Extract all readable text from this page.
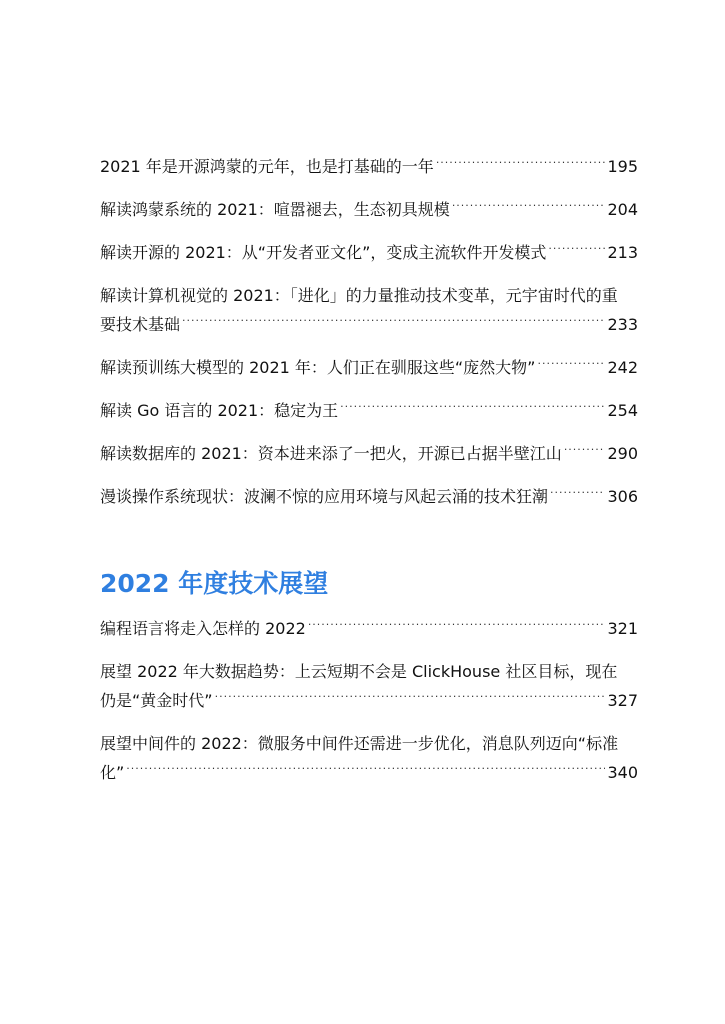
2021 年是开源鸿蒙的元年，也是打基础的一年 .....	195
解读鸿蒙系统的 2021：喧嚣褪去，生态初具规模 .....	204
解读开源的 2021：从“开发者亚文化”，变成主流软件开发模式 .....	213
解读计算机视觉的 2021：「进化」的力量推动技术变革，元宇宙时代的重
要技术基础 .....	233
解读预训练大模型的 2021 年：人们正在驯服这些“庞然大物” .....	242
解读 Go 语言的 2021：稳定为王 .....	254
解读数据库的 2021：资本进来添了一把火，开源已占据半壁江山 .....	290
漫谈操作系统现状：波澜不惊的应用环境与风起云涌的技术狂潮 .....	306
2022 年度技术展望
编程语言将走入怎样的 2022 .....	321
展望 2022 年大数据趋势：上云短期不会是 ClickHouse 社区目标，现在
仍是“黄金时代” .....	327
展望中间件的 2022：微服务中间件还需进一步优化，消息队列迈向“标准
化” .....	340
